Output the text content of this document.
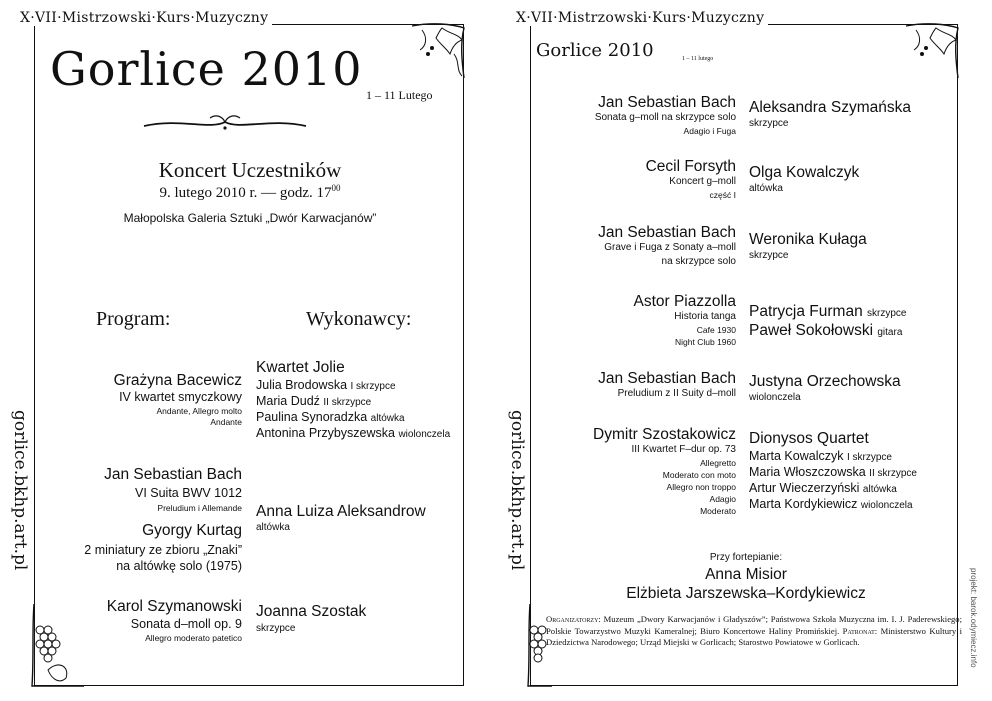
X·VII·Mistrzowski·Kurs·Muzyczny
Gorlice 2010 1 – 11 Lutego
Koncert Uczestników
9. lutego 2010 r. — godz. $17^{00}$
Małopolska Galeria Sztuki „Dwór Karwacjanów”
Program:	Wykonawcy:
Grażyna Bacewicz
IV kwartet smyczkowy
Andante, Allegro molto
Andante
Kwartet Jolie
Julia Brodowska I skrzypce
Maria Dudź II skrzypce
Paulina Synoradzka altówka
Antonina Przybyszewska wiolonczela
Jan Sebastian Bach
VI Suita BWV 1012
Preludium i Allemande
Gyorgy Kurtag
2 miniatury ze zbioru „Znaki”
na altówkę solo (1975)
Anna Luiza Aleksandrow
altówka
Karol Szymanowski
Sonata d–moll op. 9
Allegro moderato patetico
Joanna Szostak
skrzypce
gorlice.bkhp.art.pl
X·VII·Mistrzowski·Kurs·Muzyczny
Gorlice 2010	1 – 11 lutego
Jan Sebastian Bach
Sonata g–moll na skrzypce solo
Adagio i Fuga
Aleksandra Szymańska
skrzypce
Cecil Forsyth
Koncert g–moll
część I
Olga Kowalczyk
altówka
Jan Sebastian Bach
Grave i Fuga z Sonaty a–moll
na skrzypce solo
Weronika Kułaga
skrzypce
Astor Piazzolla
Historia tanga
Cafe 1930
Night Club 1960
Patrycja Furman skrzypce
Paweł Sokołowski gitara
Jan Sebastian Bach
Preludium z II Suity d–moll
Justyna Orzechowska
wiolonczela
Dymitr Szostakowicz
III Kwartet F–dur op. 73
Allegretto
Moderato con moto
Allegro non troppo
Adagio
Moderato
Dionysos Quartet
Marta Kowalczyk I skrzypce
Maria Włoszczowska II skrzypce
Artur Wieczerzyński altówka
Marta Kordykiewicz wiolonczela
Przy fortepianie:
Anna Misior
Elżbieta Jarszewska–Kordykiewicz
Organizatorzy: Muzeum „Dwory Karwacjanów i Gładyszów”; Państwowa Szkoła Muzyczna im. I. J. Paderewskiego; Polskie Towarzystwo Muzyki Kameralnej; Biuro Koncertowe Haliny Promińskiej. Patronat: Ministerstwo Kultury i Dziedzictwa Narodowego; Urząd Miejski w Gorlicach; Starostwo Powiatowe w Gorlicach.
gorlice.bkhp.art.pl
projekt: barok.odymiecz.info
